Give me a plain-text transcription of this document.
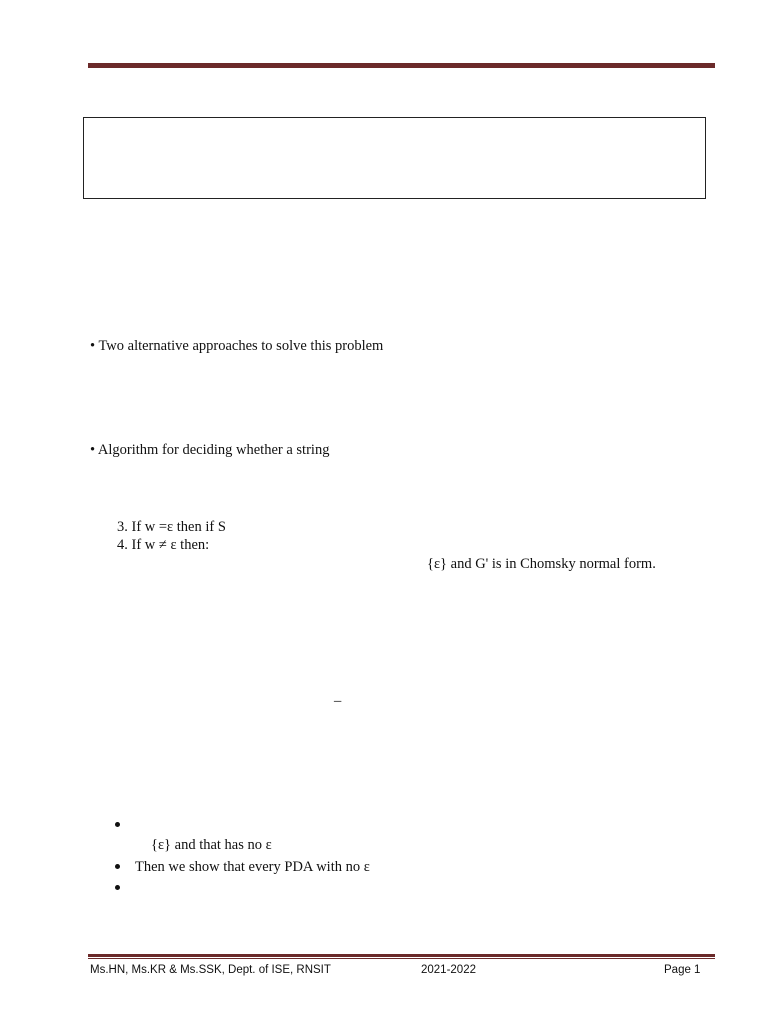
• Two alternative approaches to solve this problem
• Algorithm for deciding whether a string
3. If w =ε then if S
4. If w ≠ ε then:
{ε} and G' is in Chomsky normal form.
_
{ε} and that has no ε
Then we show that every PDA with no ε
Ms.HN, Ms.KR & Ms.SSK, Dept. of ISE, RNSIT	2021-2022	Page 1
